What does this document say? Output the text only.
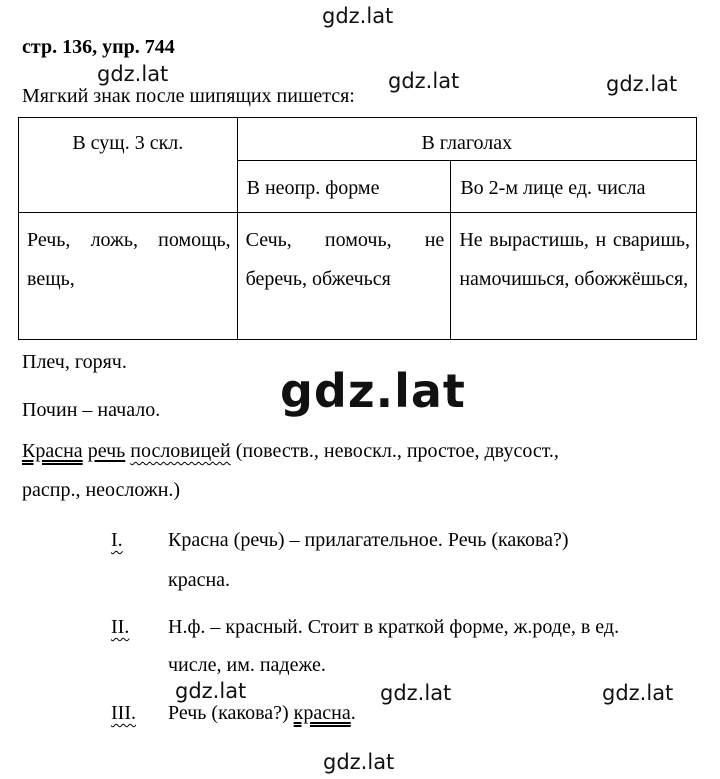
gdz.lat
gdz.lat	gdz.lat	gdz.lat
gdz.lat
gdz.lat	gdz.lat	gdz.lat
gdz.lat
стр. 136, упр. 744
Мягкий знак после шипящих пишется:
В сущ. 3 скл.	В глаголах	
	В неопр. форме	Во 2-м лице ед. числа
Речь, ложь, помощь, вещь,	Сечь, помочь, не беречь, обжечься	Не вырастишь, н сваришь, намочишься, обожжёшься,
Плеч, горяч.
Почин – начало.
Красна речь пословицей (повеств., невоскл., простое, двусост.,
распр., неосложн.)
I. Красна (речь) – прилагательное. Речь (какова?)
красна.
II. Н.ф. – красный. Стоит в краткой форме, ж.роде, в ед.
числе, им. падеже.
III. Речь (какова?) красна.
